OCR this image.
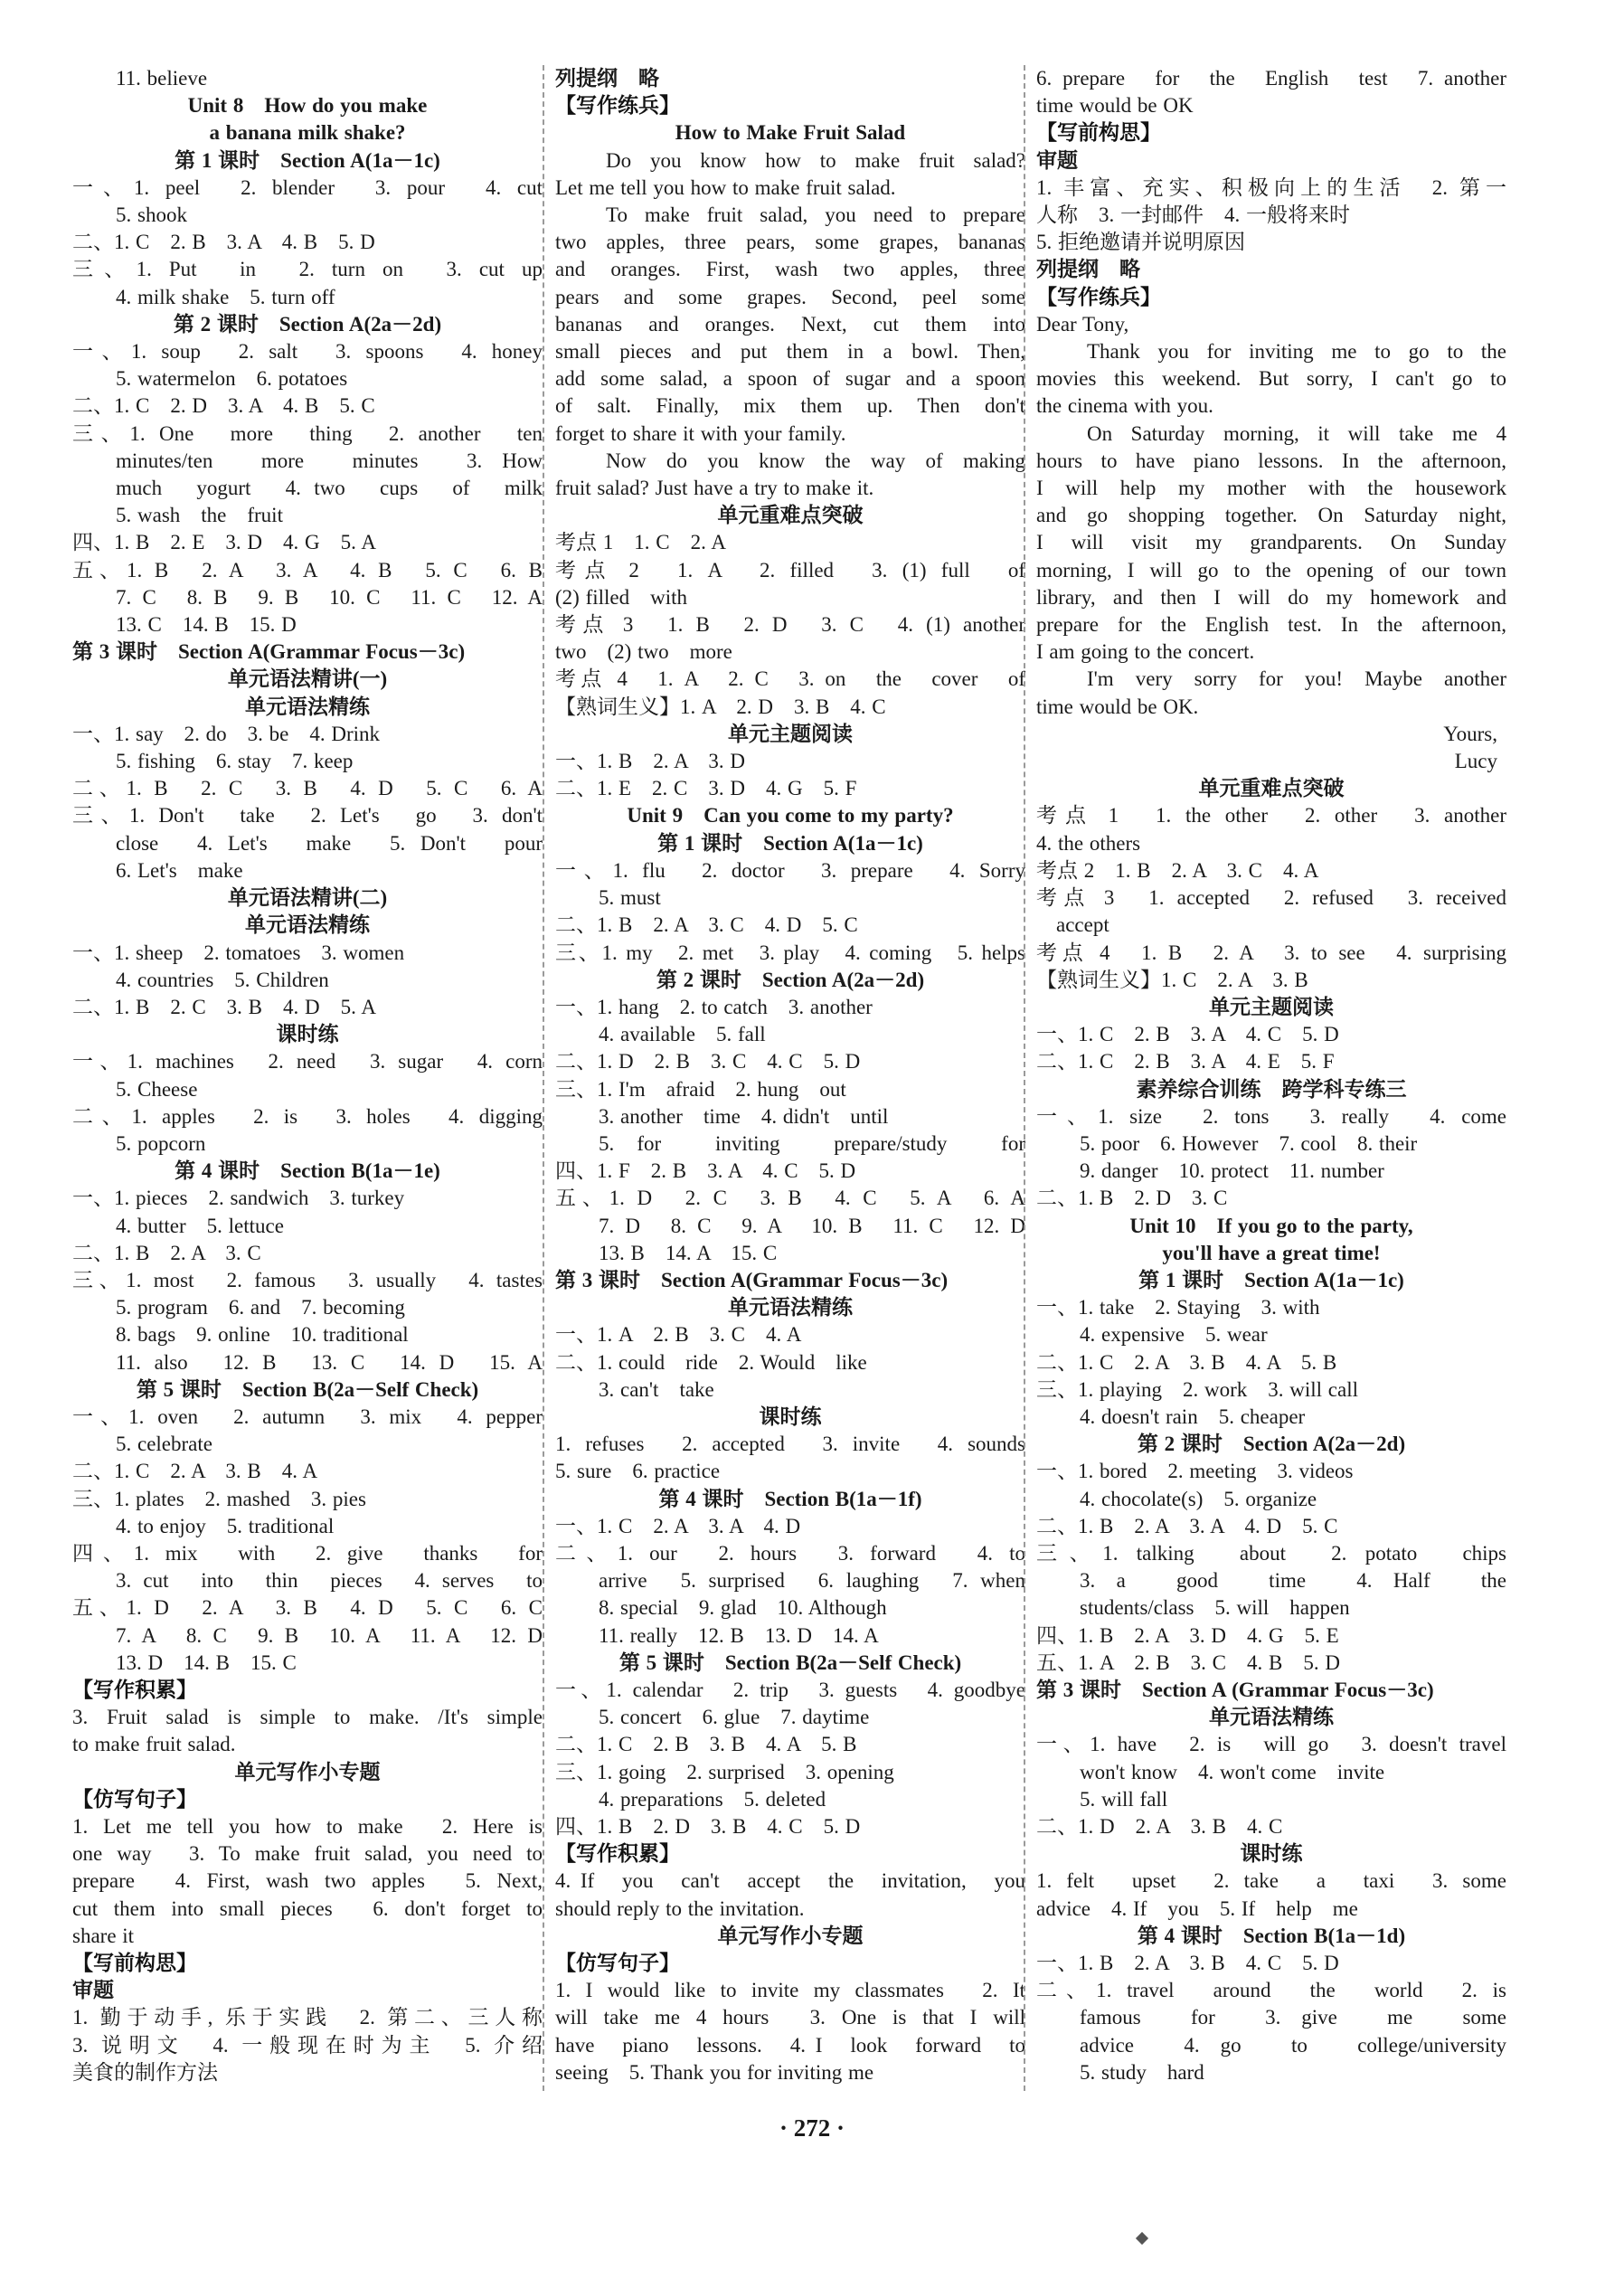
11. believe
Unit 8　How do you make
a banana milk shake?
第 1 课时　Section A(1a－1c)
一、1. peel　2. blender　3. pour　4. cut
5. shook
二、1. C　2. B　3. A　4. B　5. D
三、1. Put　in　2. turn on　3. cut up
4. milk shake　5. turn off
第 2 课时　Section A(2a－2d)
一、1. soup　2. salt　3. spoons　4. honey
5. watermelon　6. potatoes
二、1. C　2. D　3. A　4. B　5. C
三、1. One　more　thing　2. another　ten
minutes/ten　more　minutes　3. How
much　yogurt　4. two　cups　of　milk
5. wash　the　fruit
四、1. B　2. E　3. D　4. G　5. A
五、1. B　2. A　3. A　4. B　5. C　6. B
7. C　8. B　9. B　10. C　11. C　12. A
13. C　14. B　15. D
第 3 课时　Section A(Grammar Focus－3c)
单元语法精讲(一)
单元语法精练
一、1. say　2. do　3. be　4. Drink
5. fishing　6. stay　7. keep
二、1. B　2. C　3. B　4. D　5. C　6. A
三、1. Don't　take　2. Let's　go　3. don't
close　4. Let's　make　5. Don't　pour
6. Let's　make
单元语法精讲(二)
单元语法精练
一、1. sheep　2. tomatoes　3. women
4. countries　5. Children
二、1. B　2. C　3. B　4. D　5. A
课时练
一、1. machines　2. need　3. sugar　4. corn
5. Cheese
二、1. apples　2. is　3. holes　4. digging
5. popcorn
第 4 课时　Section B(1a－1e)
一、1. pieces　2. sandwich　3. turkey
4. butter　5. lettuce
二、1. B　2. A　3. C
三、1. most　2. famous　3. usually　4. tastes
5. program　6. and　7. becoming
8. bags　9. online　10. traditional
11. also　12. B　13. C　14. D　15. A
第 5 课时　Section B(2a－Self Check)
一、1. oven　2. autumn　3. mix　4. pepper
5. celebrate
二、1. C　2. A　3. B　4. A
三、1. plates　2. mashed　3. pies
4. to enjoy　5. traditional
四、1. mix　with　2. give　thanks　for
3. cut　into　thin　pieces　4. serves　to
五、1. D　2. A　3. B　4. D　5. C　6. C
7. A　8. C　9. B　10. A　11. A　12. D
13. D　14. B　15. C
【写作积累】
3. Fruit salad is simple to make. /It's simple
to make fruit salad.
单元写作小专题
【仿写句子】
1. Let me tell you how to make　2. Here is
one way　3. To make fruit salad, you need to
prepare　4. First, wash two apples　5. Next,
cut them into small pieces　6. don't forget to
share it
【写前构思】
审题
1. 勤于动手, 乐于实践　2. 第二、三人称
3. 说明文　4. 一般现在时为主　5. 介绍
美食的制作方法
列提纲　略
【写作练兵】
How to Make Fruit Salad
Do you know how to make fruit salad?
Let me tell you how to make fruit salad.
To make fruit salad, you need to prepare
two apples, three pears, some grapes, bananas
and oranges. First, wash two apples, three
pears and some grapes. Second, peel some
bananas and oranges. Next, cut them into
small pieces and put them in a bowl. Then,
add some salad, a spoon of sugar and a spoon
of salt. Finally, mix them up. Then don't
forget to share it with your family.
Now do you know the way of making
fruit salad? Just have a try to make it.
单元重难点突破
考点 1　1. C　2. A
考点 2　1. A　2. filled　3. (1) full　of
(2) filled　with
考点 3　1. B　2. D　3. C　4. (1) another
two　(2) two　more
考点 4　1. A　2. C　3. on　the　cover　of
【熟词生义】1. A　2. D　3. B　4. C
单元主题阅读
一、1. B　2. A　3. D
二、1. E　2. C　3. D　4. G　5. F
Unit 9　Can you come to my party?
第 1 课时　Section A(1a－1c)
一、1. flu　2. doctor　3. prepare　4. Sorry
5. must
二、1. B　2. A　3. C　4. D　5. C
三、1. my　2. met　3. play　4. coming　5. helps
第 2 课时　Section A(2a－2d)
一、1. hang　2. to catch　3. another
4. available　5. fall
二、1. D　2. B　3. C　4. C　5. D
三、1. I'm　afraid　2. hung　out
3. another　time　4. didn't　until
5. for　inviting　prepare/study　for
四、1. F　2. B　3. A　4. C　5. D
五、1. D　2. C　3. B　4. C　5. A　6. A
7. D　8. C　9. A　10. B　11. C　12. D
13. B　14. A　15. C
第 3 课时　Section A(Grammar Focus－3c)
单元语法精练
一、1. A　2. B　3. C　4. A
二、1. could　ride　2. Would　like
3. can't　take
课时练
1. refuses　2. accepted　3. invite　4. sounds
5. sure　6. practice
第 4 课时　Section B(1a－1f)
一、1. C　2. A　3. A　4. D
二、1. our　2. hours　3. forward　4. to
arrive　5. surprised　6. laughing　7. when
8. special　9. glad　10. Although
11. really　12. B　13. D　14. A
第 5 课时　Section B(2a－Self Check)
一、1. calendar　2. trip　3. guests　4. goodbye
5. concert　6. glue　7. daytime
二、1. C　2. B　3. B　4. A　5. B
三、1. going　2. surprised　3. opening
4. preparations　5. deleted
四、1. B　2. D　3. B　4. C　5. D
【写作积累】
4. If　you　can't　accept　the　invitation,　you
should reply to the invitation.
单元写作小专题
【仿写句子】
1. I would like to invite my classmates　2. It
will take me 4 hours　3. One is that I will
have　piano　lessons.　4. I　look　forward　to
seeing　5. Thank you for inviting me
6. prepare　for　the　English　test　7. another
time would be OK
【写前构思】
审题
1. 丰富、充实、积极向上的生活　2. 第一
人称　3. 一封邮件　4. 一般将来时
5. 拒绝邀请并说明原因
列提纲　略
【写作练兵】
Dear Tony,
Thank you for inviting me to go to the
movies this weekend. But sorry, I can't go to
the cinema with you.
On Saturday morning, it will take me 4
hours to have piano lessons. In the afternoon,
I　will　help　my　mother　with　the　housework
and go shopping together. On Saturday night,
I　will　visit　my　grandparents.　On　Sunday
morning, I will go to the opening of our town
library, and then I will do my homework and
prepare for the English test. In the afternoon,
I am going to the concert.
I'm very sorry for you! Maybe another
time would be OK.
Yours,
Lucy
单元重难点突破
考点 1　1. the other　2. other　3. another
4. the others
考点 2　1. B　2. A　3. C　4. A
考点 3　1. accepted　2. refused　3. received
accept
考点 4　1. B　2. A　3. to see　4. surprising
【熟词生义】1. C　2. A　3. B
单元主题阅读
一、1. C　2. B　3. A　4. C　5. D
二、1. C　2. B　3. A　4. E　5. F
素养综合训练　跨学科专练三
一、1. size　2. tons　3. really　4. come
5. poor　6. However　7. cool　8. their
9. danger　10. protect　11. number
二、1. B　2. D　3. C
Unit 10　If you go to the party,
you'll have a great time!
第 1 课时　Section A(1a－1c)
一、1. take　2. Staying　3. with
4. expensive　5. wear
二、1. C　2. A　3. B　4. A　5. B
三、1. playing　2. work　3. will call
4. doesn't rain　5. cheaper
第 2 课时　Section A(2a－2d)
一、1. bored　2. meeting　3. videos
4. chocolate(s)　5. organize
二、1. B　2. A　3. A　4. D　5. C
三、1. talking　about　2. potato　chips
3. a　good　time　4. Half　the
students/class　5. will　happen
四、1. B　2. A　3. D　4. G　5. E
五、1. A　2. B　3. C　4. B　5. D
第 3 课时　Section A (Grammar Focus－3c)
单元语法精练
一、1. have　2. is　will go　3. doesn't travel
won't know　4. won't come　invite
5. will fall
二、1. D　2. A　3. B　4. C
课时练
1. felt　upset　2. take　a　taxi　3. some
advice　4. If　you　5. If　help　me
第 4 课时　Section B(1a－1d)
一、1. B　2. A　3. B　4. C　5. D
二、1. travel　around　the　world　2. is
famous　for　3. give　me　some
advice　4. go　to　college/university
5. study　hard
· 272 ·
